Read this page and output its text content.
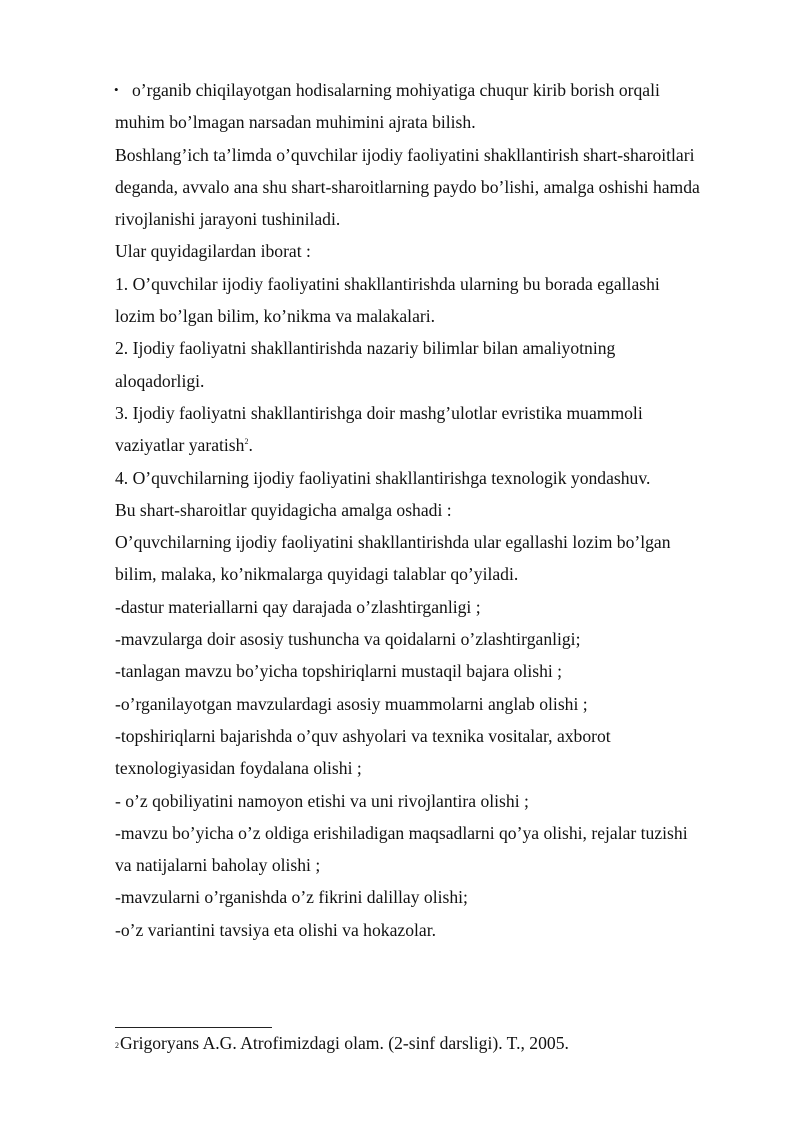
• o’rganib chiqilayotgan hodisalarning mohiyatiga chuqur kirib borish orqali
muhim bo’lmagan narsadan muhimini ajrata bilish.
Boshlang’ich ta’limda o’quvchilar ijodiy faoliyatini shakllantirish shart-sharoitlari
deganda, avvalo ana shu shart-sharoitlarning paydo bo’lishi, amalga oshishi hamda
rivojlanishi jarayoni tushiniladi.
Ular quyidagilardan iborat :
1. O’quvchilar ijodiy faoliyatini shakllantirishda ularning bu borada egallashi
lozim bo’lgan bilim, ko’nikma va malakalari.
2. Ijodiy faoliyatni shakllantirishda nazariy bilimlar bilan amaliyotning
aloqadorligi.
3. Ijodiy faoliyatni shakllantirishga doir mashg’ulotlar evristika muammoli
vaziyatlar yaratish$^2$.
4. O’quvchilarning ijodiy faoliyatini shakllantirishga texnologik yondashuv.
Bu shart-sharoitlar quyidagicha amalga oshadi :
O’quvchilarning ijodiy faoliyatini shakllantirishda ular egallashi lozim bo’lgan
bilim, malaka, ko’nikmalarga quyidagi talablar qo’yiladi.
-dastur materiallarni qay darajada o’zlashtirganligi ;
-mavzularga doir asosiy tushuncha va qoidalarni o’zlashtirganligi;
-tanlagan mavzu bo’yicha topshiriqlarni mustaqil bajara olishi ;
-o’rganilayotgan mavzulardagi asosiy muammolarni anglab olishi ;
-topshiriqlarni bajarishda o’quv ashyolari va texnika vositalar, axborot
texnologiyasidan foydalana olishi ;
- o’z qobiliyatini namoyon etishi va uni rivojlantira olishi ;
-mavzu bo’yicha o’z oldiga erishiladigan maqsadlarni qo’ya olishi, rejalar tuzishi
va natijalarni baholay olishi ;
-mavzularni o’rganishda o’z fikrini dalillay olishi;
-o’z variantini tavsiya eta olishi va hokazolar.
$^2$Grigoryans A.G. Atrofimizdagi olam. (2-sinf darsligi). T., 2005.
